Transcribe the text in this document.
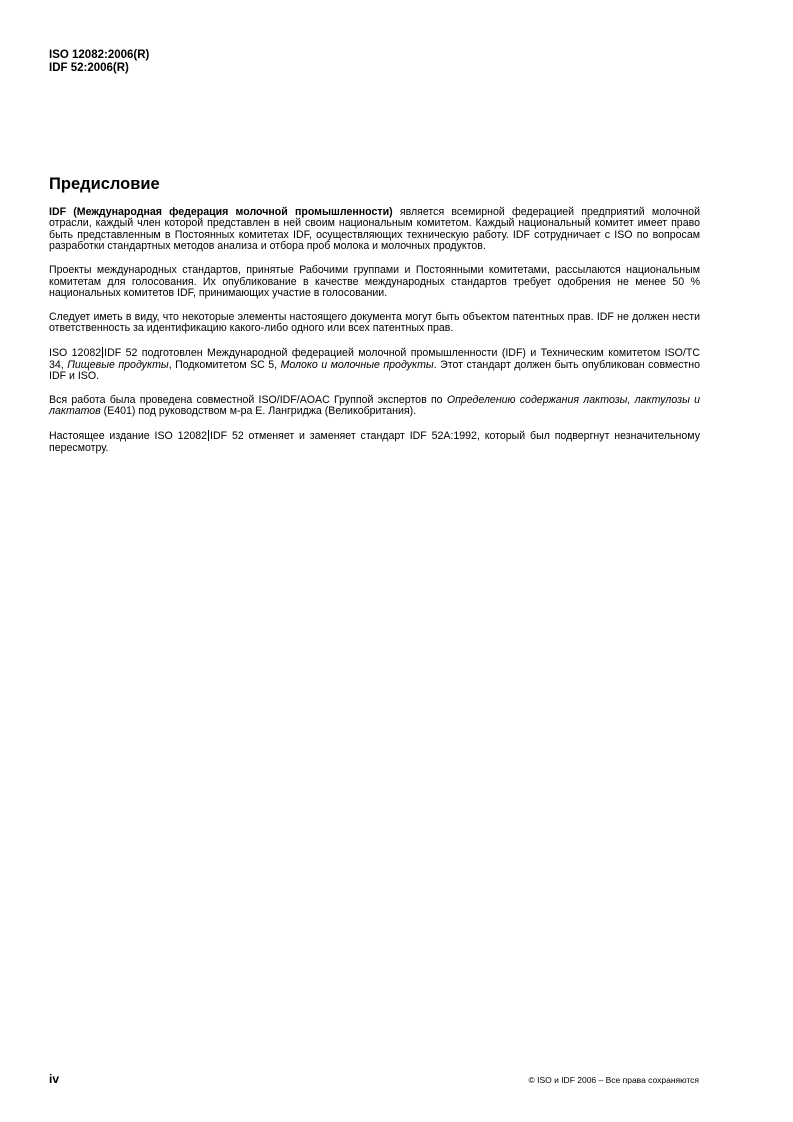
ISO 12082:2006(R)
IDF 52:2006(R)
Предисловие

IDF (Международная федерация молочной промышленности) является всемирной федерацией предприятий молочной отрасли, каждый член которой представлен в ней своим национальным комитетом. Каждый национальный комитет имеет право быть представленным в Постоянных комитетах IDF, осуществляющих техническую работу. IDF сотрудничает с ISO по вопросам разработки стандартных методов анализа и отбора проб молока и молочных продуктов.

Проекты международных стандартов, принятые Рабочими группами и Постоянными комитетами, рассылаются национальным комитетам для голосования. Их опубликование в качестве международных стандартов требует одобрения не менее 50 % национальных комитетов IDF, принимающих участие в голосовании.

Следует иметь в виду, что некоторые элементы настоящего документа могут быть объектом патентных прав. IDF не должен нести ответственность за идентификацию какого-либо одного или всех патентных прав.

ISO 12082 IDF 52 подготовлен Международной федерацией молочной промышленности (IDF) и Техническим комитетом ISO/TC 34, Пищевые продукты, Подкомитетом SC 5, Молоко и молочные продукты. Этот стандарт должен быть опубликован совместно IDF и ISO.

Вся работа была проведена совместной ISO/IDF/AOAC Группой экспертов по Определению содержания лактозы, лактулозы и лактатов (E401) под руководством м-ра E. Лангриджа (Великобритания).

Настоящее издание ISO 12082 IDF 52 отменяет и заменяет стандарт IDF 52A:1992, который был подвергнут незначительному пересмотру.

iv	© ISO и IDF 2006 – Все права сохраняются
